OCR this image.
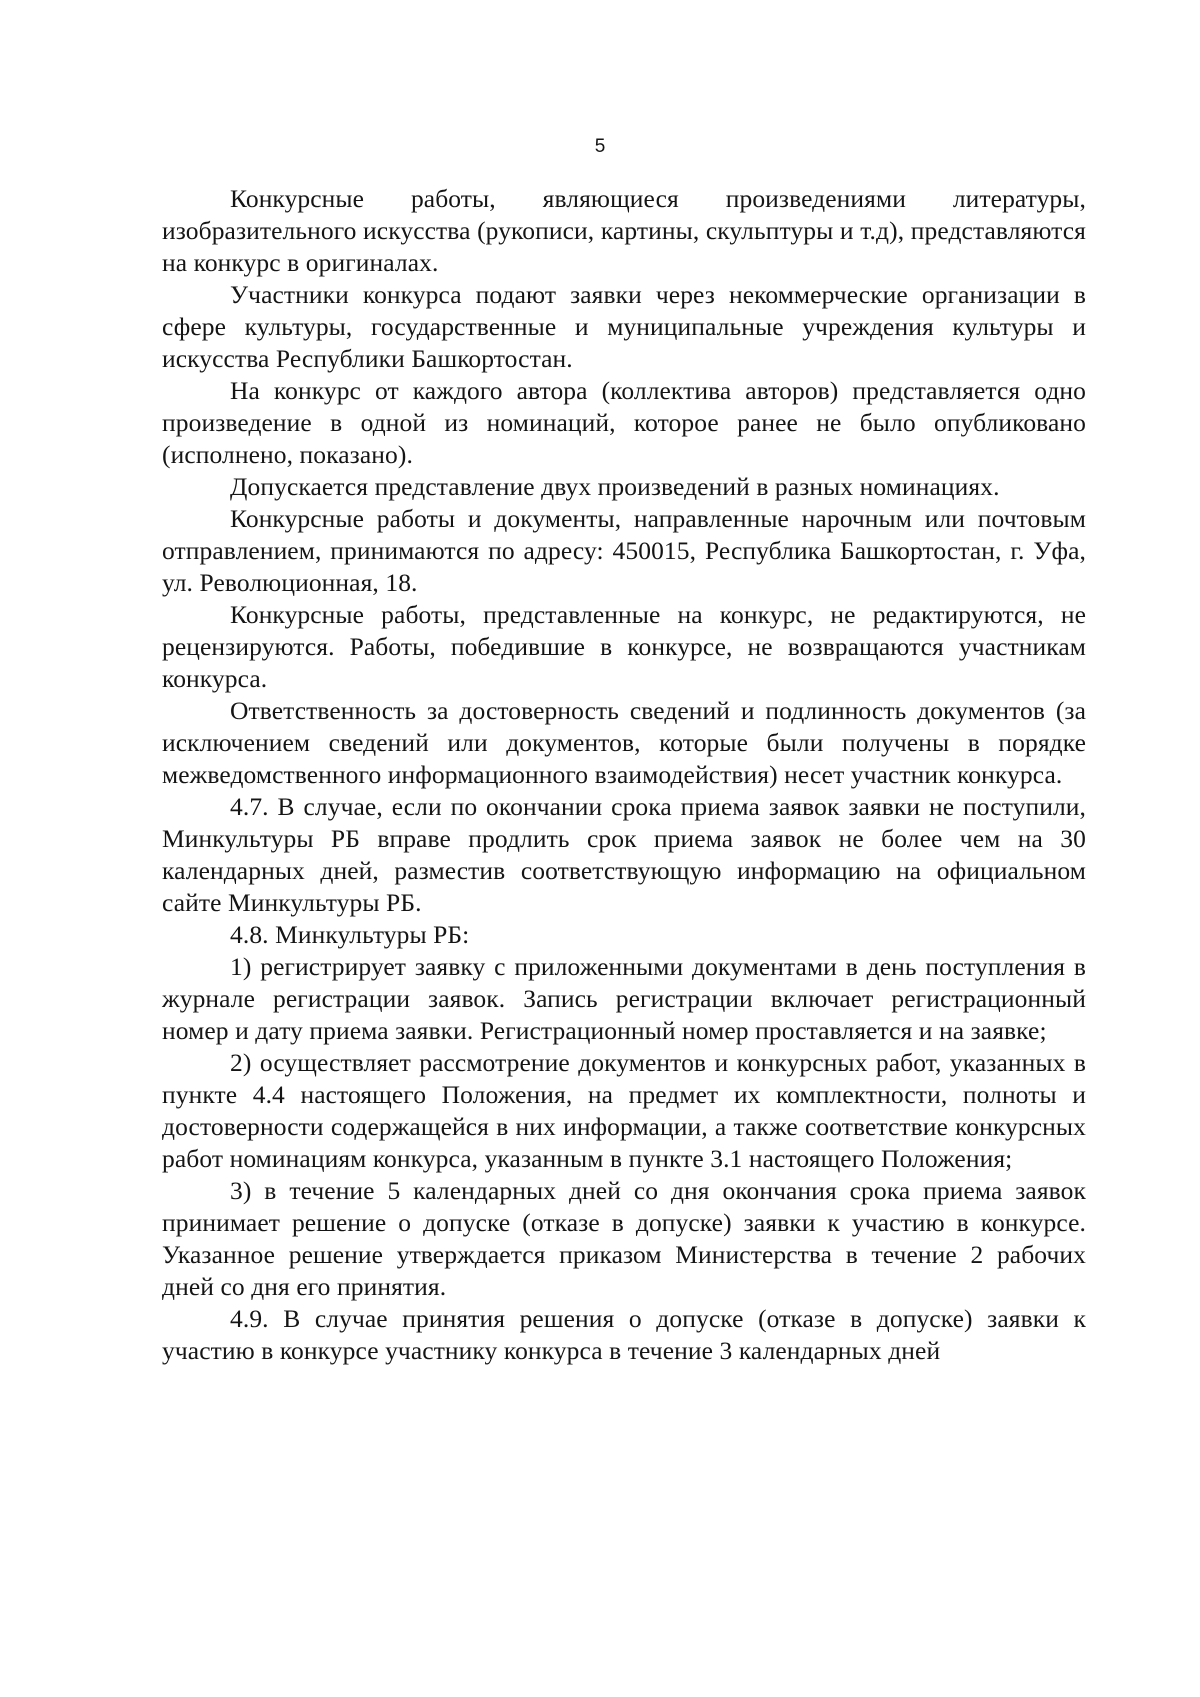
5

Конкурсные работы, являющиеся произведениями литературы, изобразительного искусства (рукописи, картины, скульптуры и т.д), представляются на конкурс в оригиналах.

Участники конкурса подают заявки через некоммерческие организации в сфере культуры, государственные и муниципальные учреждения культуры и искусства Республики Башкортостан.

На конкурс от каждого автора (коллектива авторов) представляется одно произведение в одной из номинаций, которое ранее не было опубликовано (исполнено, показано).

Допускается представление двух произведений в разных номинациях.

Конкурсные работы и документы, направленные нарочным или почтовым отправлением, принимаются по адресу: 450015, Республика Башкортостан, г. Уфа, ул. Революционная, 18.

Конкурсные работы, представленные на конкурс, не редактируются, не рецензируются. Работы, победившие в конкурсе, не возвращаются участникам конкурса.

Ответственность за достоверность сведений и подлинность документов (за исключением сведений или документов, которые были получены в порядке межведомственного информационного взаимодействия) несет участник конкурса.

4.7. В случае, если по окончании срока приема заявок заявки не поступили, Минкультуры РБ вправе продлить срок приема заявок не более чем на 30 календарных дней, разместив соответствующую информацию на официальном сайте Минкультуры РБ.

4.8. Минкультуры РБ:

1) регистрирует заявку с приложенными документами в день поступления в журнале регистрации заявок. Запись регистрации включает регистрационный номер и дату приема заявки. Регистрационный номер проставляется и на заявке;

2) осуществляет рассмотрение документов и конкурсных работ, указанных в пункте 4.4 настоящего Положения, на предмет их комплектности, полноты и достоверности содержащейся в них информации, а также соответствие конкурсных работ номинациям конкурса, указанным в пункте 3.1 настоящего Положения;

3) в течение 5 календарных дней со дня окончания срока приема заявок принимает решение о допуске (отказе в допуске) заявки к участию в конкурсе. Указанное решение утверждается приказом Министерства в течение 2 рабочих дней со дня его принятия.

4.9. В случае принятия решения о допуске (отказе в допуске) заявки к участию в конкурсе участнику конкурса в течение 3 календарных дней
